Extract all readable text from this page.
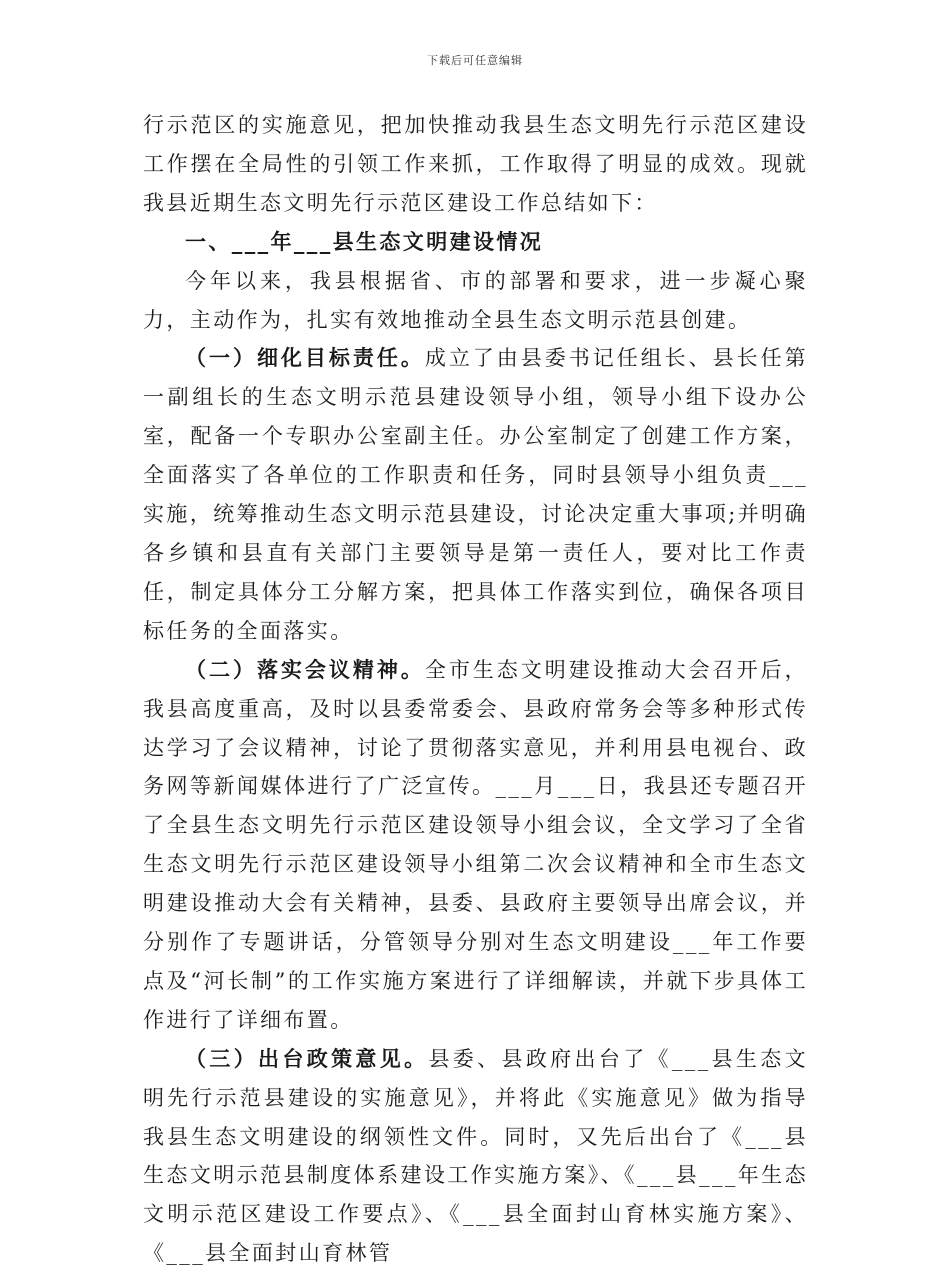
下载后可任意编辑

行示范区的实施意见，把加快推动我县生态文明先行示范区建设工作摆在全局性的引领工作来抓，工作取得了明显的成效。现就我县近期生态文明先行示范区建设工作总结如下：

一、___年___县生态文明建设情况

今年以来，我县根据省、市的部署和要求，进一步凝心聚力，主动作为，扎实有效地推动全县生态文明示范县创建。

（一）细化目标责任。成立了由县委书记任组长、县长任第一副组长的生态文明示范县建设领导小组，领导小组下设办公室，配备一个专职办公室副主任。办公室制定了创建工作方案，全面落实了各单位的工作职责和任务，同时县领导小组负责___实施，统筹推动生态文明示范县建设，讨论决定重大事项;并明确各乡镇和县直有关部门主要领导是第一责任人，要对比工作责任，制定具体分工分解方案，把具体工作落实到位，确保各项目标任务的全面落实。

（二）落实会议精神。全市生态文明建设推动大会召开后，我县高度重高，及时以县委常委会、县政府常务会等多种形式传达学习了会议精神，讨论了贯彻落实意见，并利用县电视台、政务网等新闻媒体进行了广泛宣传。___月___日，我县还专题召开了全县生态文明先行示范区建设领导小组会议，全文学习了全省生态文明先行示范区建设领导小组第二次会议精神和全市生态文明建设推动大会有关精神，县委、县政府主要领导出席会议，并分别作了专题讲话，分管领导分别对生态文明建设___年工作要点及“河长制”的工作实施方案进行了详细解读，并就下步具体工作进行了详细布置。

（三）出台政策意见。县委、县政府出台了《___县生态文明先行示范县建设的实施意见》，并将此《实施意见》做为指导我县生态文明建设的纲领性文件。同时，又先后出台了《___县生态文明示范县制度体系建设工作实施方案》、《___县___年生态文明示范区建设工作要点》、《___县全面封山育林实施方案》、《___县全面封山育林管
